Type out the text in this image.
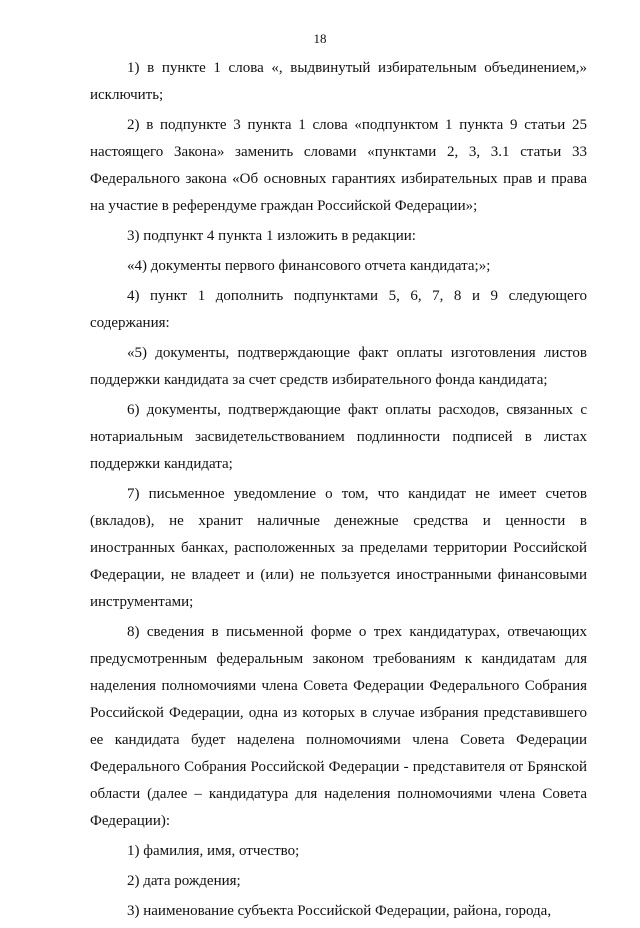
18

1) в пункте 1 слова «, выдвинутый избирательным объединением,» исключить;

2) в подпункте 3 пункта 1 слова «подпунктом 1 пункта 9 статьи 25 настоящего Закона» заменить словами «пунктами 2, 3, 3.1 статьи 33 Федерального закона «Об основных гарантиях избирательных прав и права на участие в референдуме граждан Российской Федерации»;

3) подпункт 4 пункта 1 изложить в редакции:

«4) документы первого финансового отчета кандидата;»;

4) пункт 1 дополнить подпунктами 5, 6, 7, 8 и 9 следующего содержания:

«5) документы, подтверждающие факт оплаты изготовления листов поддержки кандидата за счет средств избирательного фонда кандидата;

6) документы, подтверждающие факт оплаты расходов, связанных с нотариальным засвидетельствованием подлинности подписей в листах поддержки кандидата;

7) письменное уведомление о том, что кандидат не имеет счетов (вкладов), не хранит наличные денежные средства и ценности в иностранных банках, расположенных за пределами территории Российской Федерации, не владеет и (или) не пользуется иностранными финансовыми инструментами;

8) сведения в письменной форме о трех кандидатурах, отвечающих предусмотренным федеральным законом требованиям к кандидатам для наделения полномочиями члена Совета Федерации Федерального Собрания Российской Федерации, одна из которых в случае избрания представившего ее кандидата будет наделена полномочиями члена Совета Федерации Федерального Собрания Российской Федерации - представителя от Брянской области (далее – кандидатура для наделения полномочиями члена Совета Федерации):

1) фамилия, имя, отчество;

2) дата рождения;

3) наименование субъекта Российской Федерации, района, города,
